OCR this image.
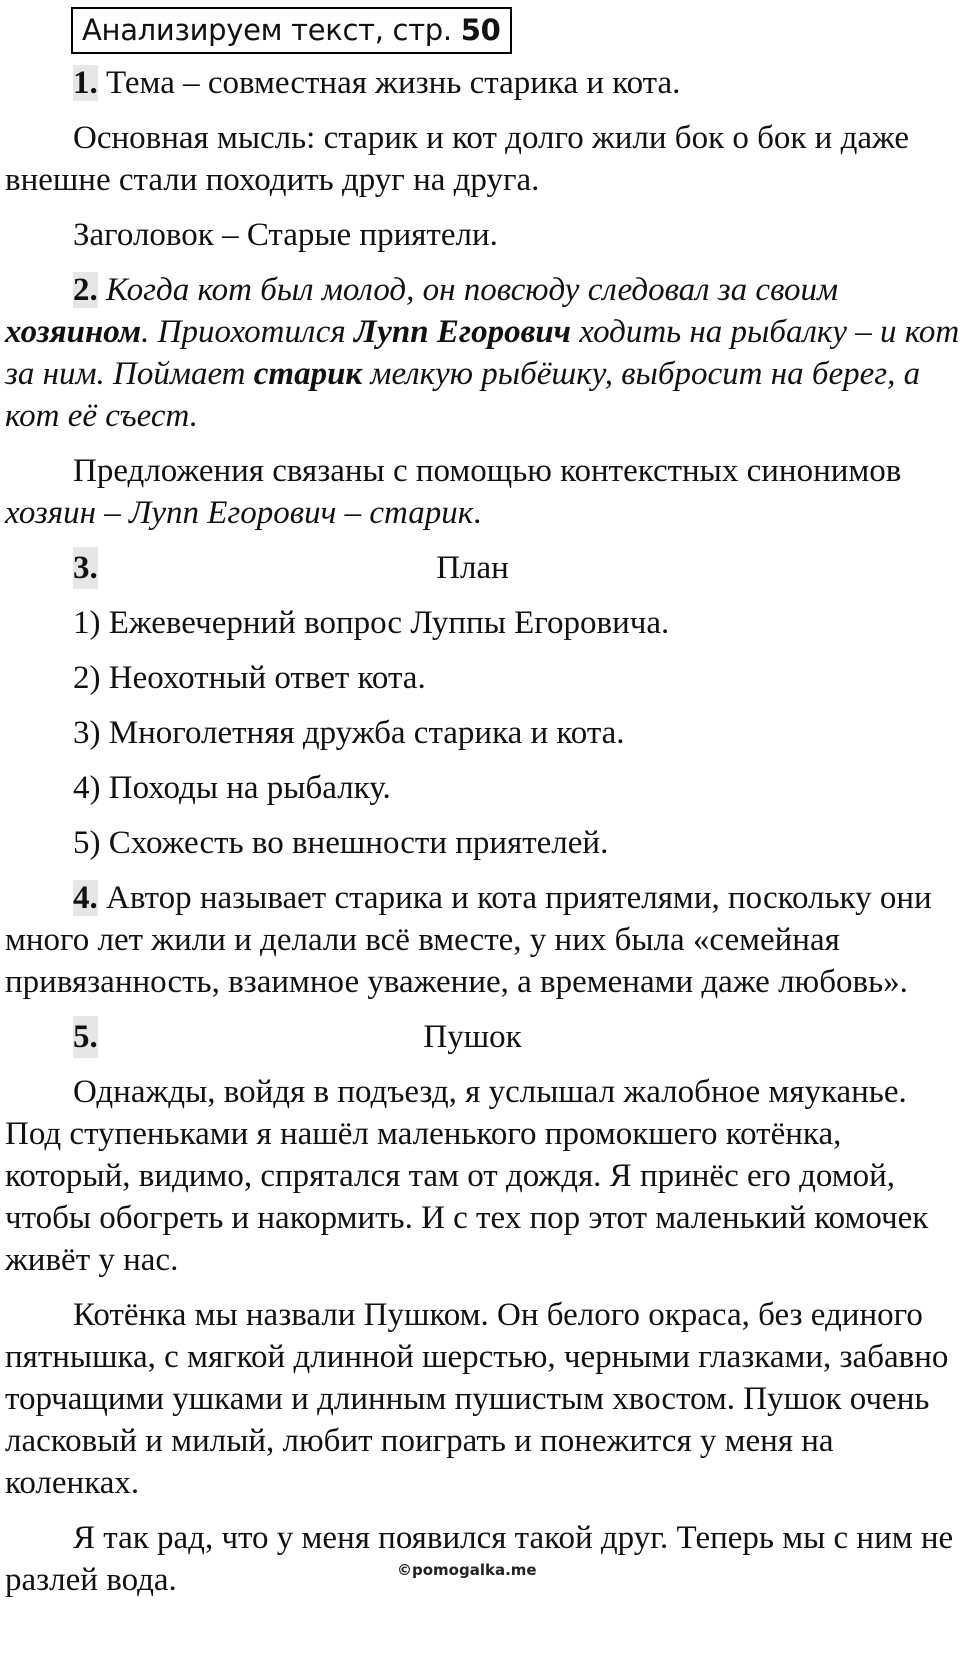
Анализируем текст, стр. 50

1. Тема – совместная жизнь старика и кота.

Основная мысль: старик и кот долго жили бок о бок и даже внешне стали походить друг на друга.

Заголовок – Старые приятели.

2. Когда кот был молод, он повсюду следовал за своим хозяином. Приохотился Лупп Егорович ходить на рыбалку – и кот за ним. Поймает старик мелкую рыбёшку, выбросит на берег, а кот её съест.

Предложения связаны с помощью контекстных синонимов хозяин – Лупп Егорович – старик.

3.	План
1) Ежевечерний вопрос Луппы Егоровича.
2) Неохотный ответ кота.
3) Многолетняя дружба старика и кота.
4) Походы на рыбалку.
5) Схожесть во внешности приятелей.

4. Автор называет старика и кота приятелями, поскольку они много лет жили и делали всё вместе, у них была «семейная привязанность, взаимное уважение, а временами даже любовь».

5.	Пушок

Однажды, войдя в подъезд, я услышал жалобное мяуканье. Под ступеньками я нашёл маленького промокшего котёнка, который, видимо, спрятался там от дождя. Я принёс его домой, чтобы обогреть и накормить. И с тех пор этот маленький комочек живёт у нас.

Котёнка мы назвали Пушком. Он белого окраса, без единого пятнышка, с мягкой длинной шерстью, черными глазками, забавно торчащими ушками и длинным пушистым хвостом. Пушок очень ласковый и милый, любит поиграть и понежится у меня на коленках.

Я так рад, что у меня появился такой друг. Теперь мы с ним не разлей вода.	©pomogalka.me
